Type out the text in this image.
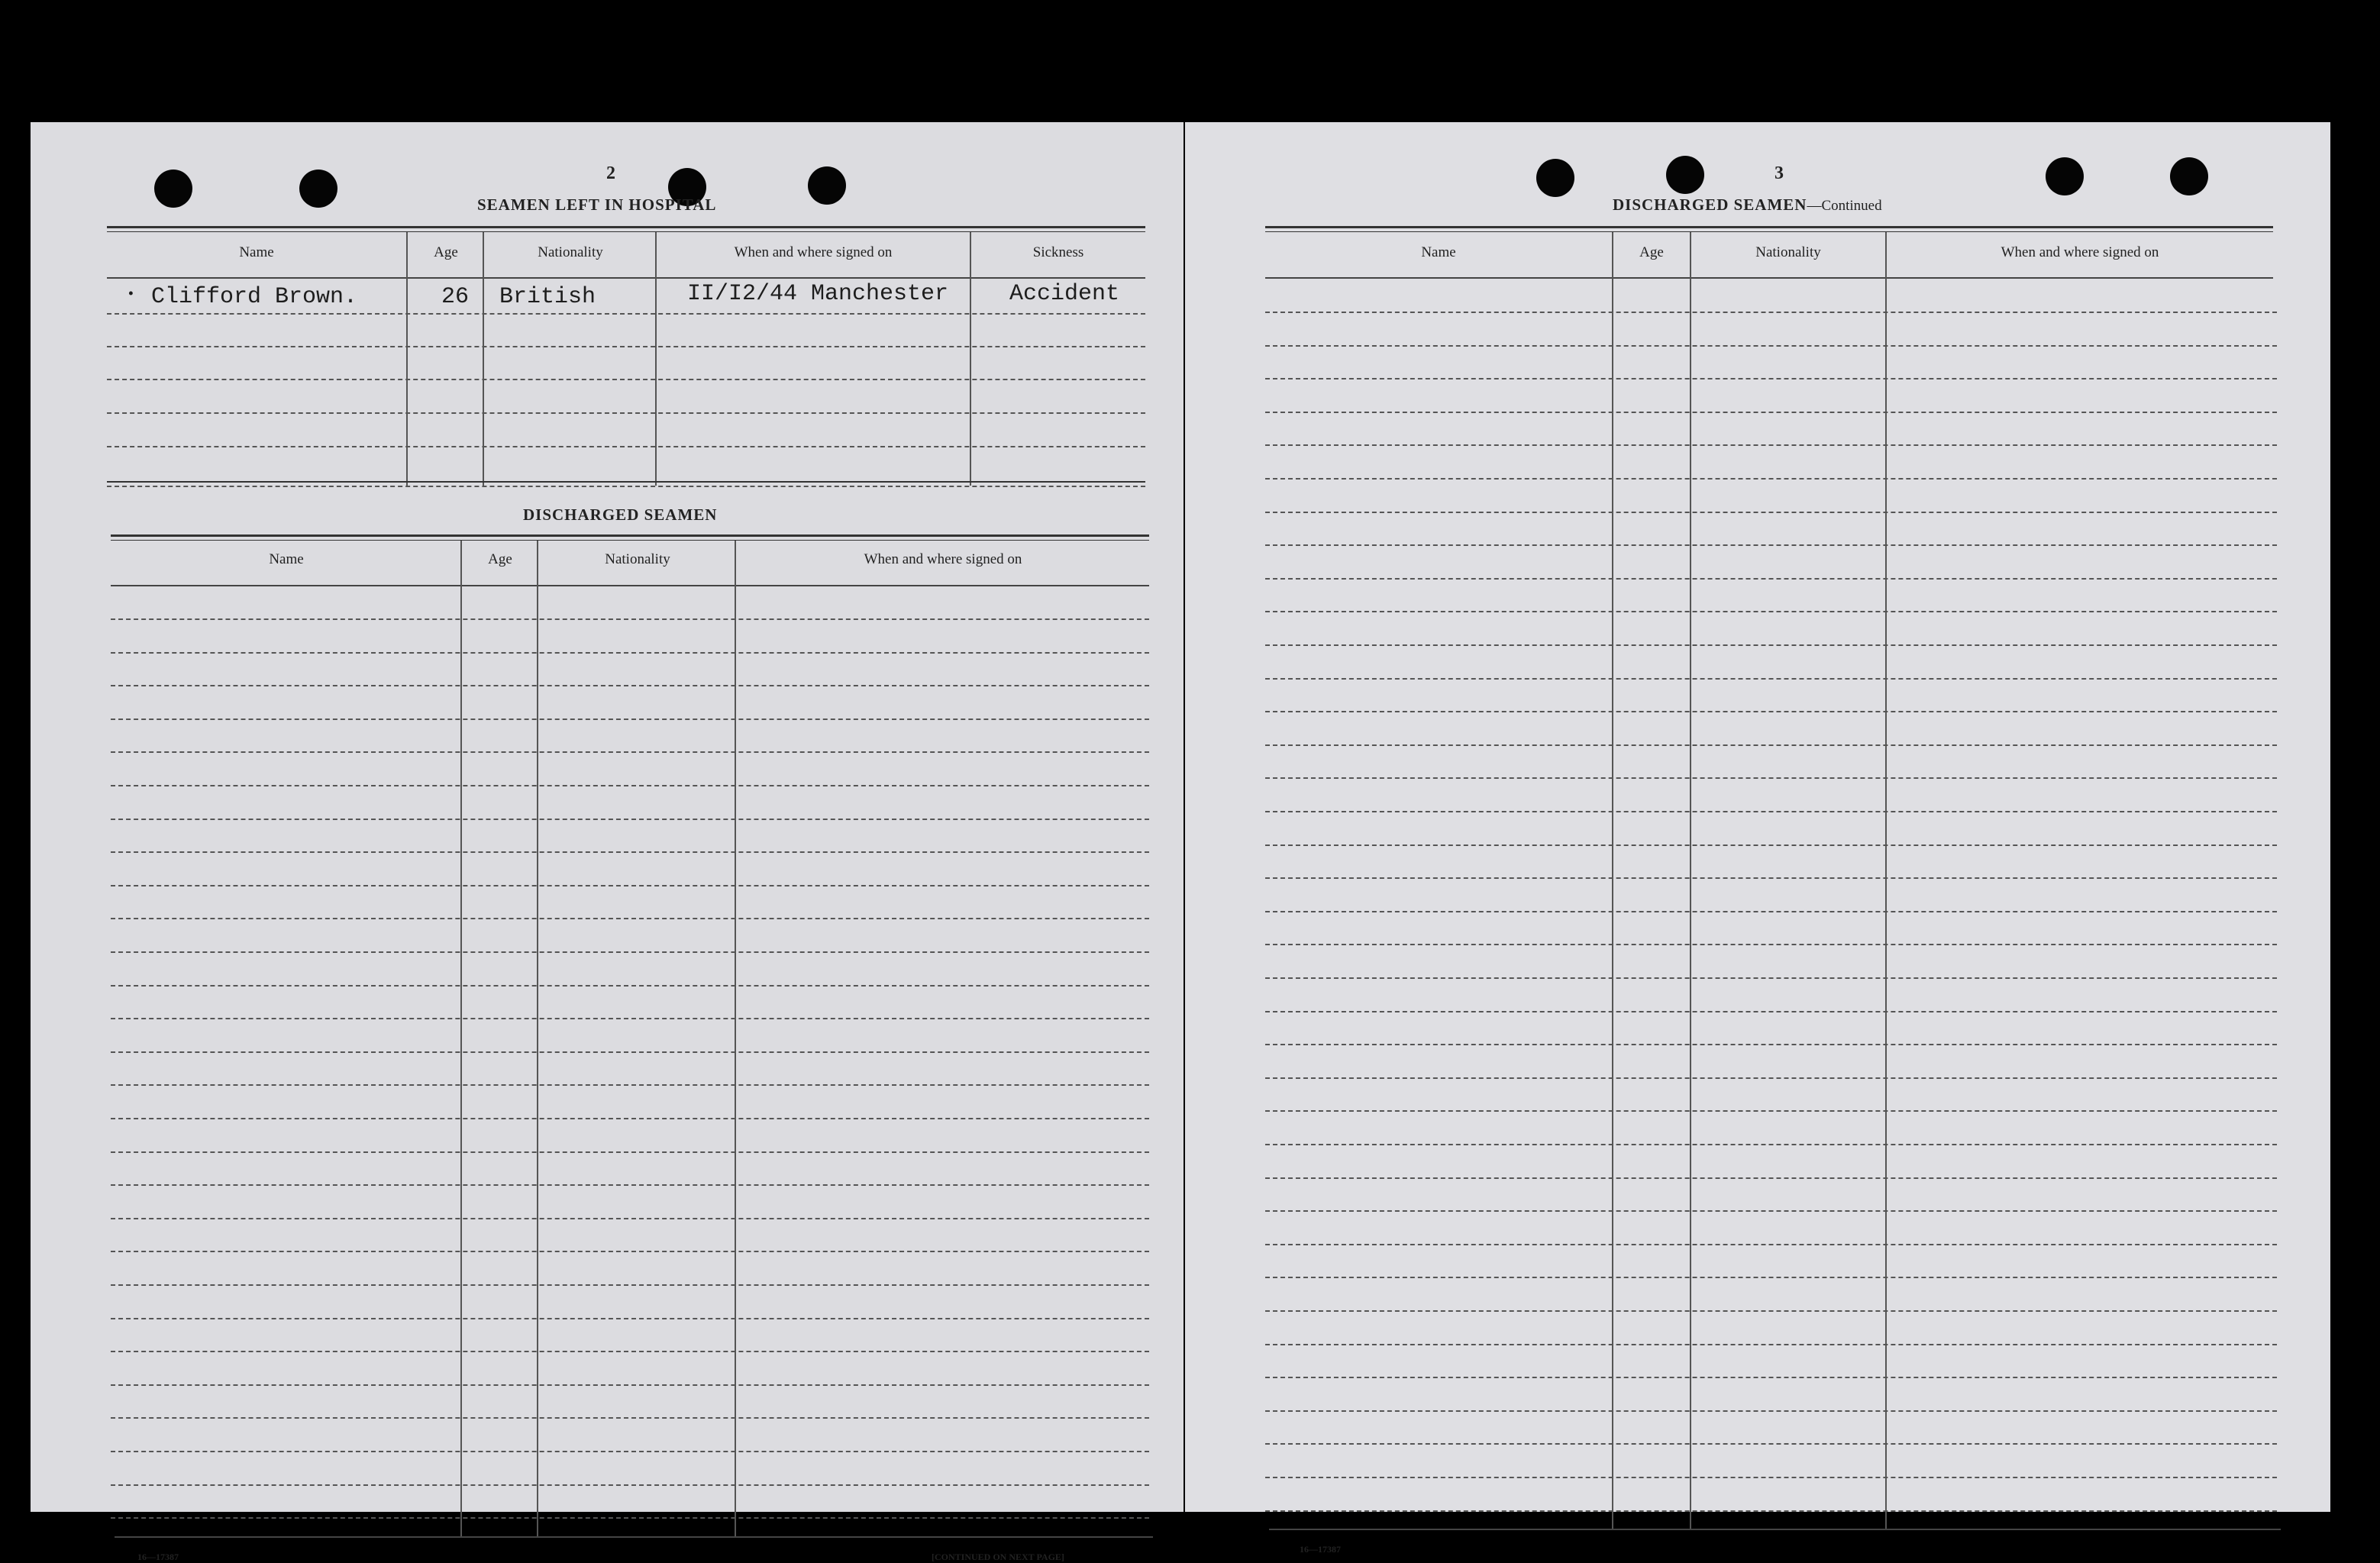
2
SEAMEN LEFT IN HOSPITAL
Name	Age	Nationality	When and where signed on	Sickness
• Clifford Brown.	26 British	II/I2/44 Manchester	Accident
DISCHARGED SEAMEN
Name	Age	Nationality	When and where signed on
16—17387	[CONTINUED ON NEXT PAGE]
3
DISCHARGED SEAMEN—Continued
Name	Age	Nationality	When and where signed on
16—17387
